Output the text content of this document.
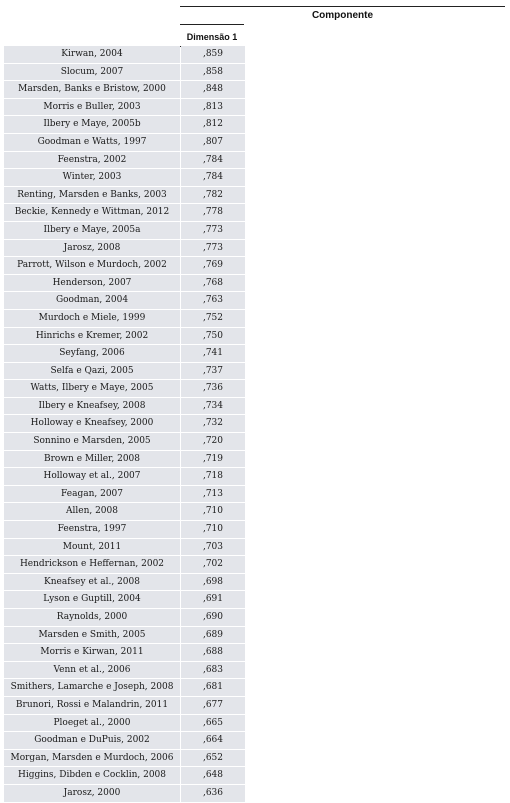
Componente
Dimensão 1
Kirwan, 2004	,859
Slocum, 2007	,858
Marsden, Banks e Bristow, 2000	,848
Morris e Buller, 2003	,813
Ilbery e Maye, 2005b	,812
Goodman e Watts, 1997	,807
Feenstra, 2002	,784
Winter, 2003	,784
Renting, Marsden e Banks, 2003	,782
Beckie, Kennedy e Wittman, 2012	,778
Ilbery e Maye, 2005a	,773
Jarosz, 2008	,773
Parrott, Wilson e Murdoch, 2002	,769
Henderson, 2007	,768
Goodman, 2004	,763
Murdoch e Miele, 1999	,752
Hinrichs e Kremer, 2002	,750
Seyfang, 2006	,741
Selfa e Qazi, 2005	,737
Watts, Ilbery e Maye, 2005	,736
Ilbery e Kneafsey, 2008	,734
Holloway e Kneafsey, 2000	,732
Sonnino e Marsden, 2005	,720
Brown e Miller, 2008	,719
Holloway et al., 2007	,718
Feagan, 2007	,713
Allen, 2008	,710
Feenstra, 1997	,710
Mount, 2011	,703
Hendrickson e Heffernan, 2002	,702
Kneafsey et al., 2008	,698
Lyson e Guptill, 2004	,691
Raynolds, 2000	,690
Marsden e Smith, 2005	,689
Morris e Kirwan, 2011	,688
Venn et al., 2006	,683
Smithers, Lamarche e Joseph, 2008	,681
Brunori, Rossi e Malandrin, 2011	,677
Ploeget al., 2000	,665
Goodman e DuPuis, 2002	,664
Morgan, Marsden e Murdoch, 2006	,652
Higgins, Dibden e Cocklin, 2008	,648
Jarosz, 2000	,636
